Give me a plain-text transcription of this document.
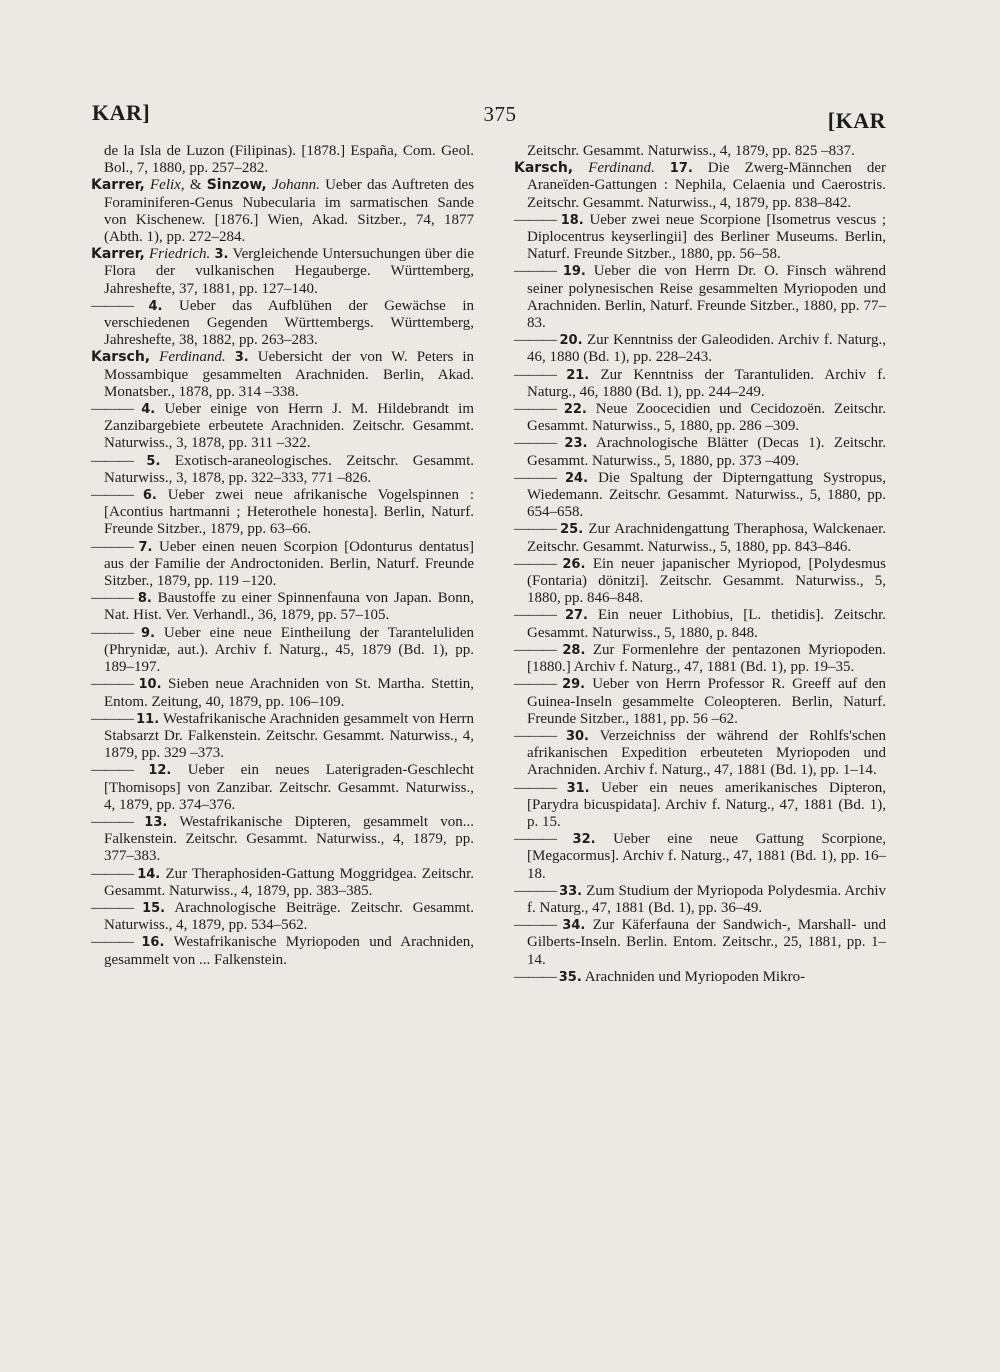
KAR]	375	[KAR

de la Isla de Luzon (Filipinas). [1878.] España, Com. Geol. Bol., 7, 1880, pp. 257–282.

Karrer, Felix, & Sinzow, Johann. Ueber das Auftreten des Foraminiferen-Genus Nubecularia im sarmatischen Sande von Kischenew. [1876.] Wien, Akad. Sitzber., 74, 1877 (Abth. 1), pp. 272–284.

Karrer, Friedrich. 3. Vergleichende Untersuchungen über die Flora der vulkanischen Hegauberge. Württemberg, Jahreshefte, 37, 1881, pp. 127–140.

——— 4. Ueber das Aufblühen der Gewächse in verschiedenen Gegenden Württembergs. Württemberg, Jahreshefte, 38, 1882, pp. 263–283.

Karsch, Ferdinand. 3. Uebersicht der von W. Peters in Mossambique gesammelten Arachniden. Berlin, Akad. Monatsber., 1878, pp. 314 –338.

——— 4. Ueber einige von Herrn J. M. Hildebrandt im Zanzibargebiete erbeutete Arachniden. Zeitschr. Gesammt. Naturwiss., 3, 1878, pp. 311 –322.

——— 5. Exotisch-araneologisches. Zeitschr. Gesammt. Naturwiss., 3, 1878, pp. 322–333, 771 –826.

——— 6. Ueber zwei neue afrikanische Vogelspinnen : [Acontius hartmanni ; Heterothele honesta]. Berlin, Naturf. Freunde Sitzber., 1879, pp. 63–66.

——— 7. Ueber einen neuen Scorpion [Odonturus dentatus] aus der Familie der Androctoniden. Berlin, Naturf. Freunde Sitzber., 1879, pp. 119 –120.

——— 8. Baustoffe zu einer Spinnenfauna von Japan. Bonn, Nat. Hist. Ver. Verhandl., 36, 1879, pp. 57–105.

——— 9. Ueber eine neue Eintheilung der Taranteluliden (Phrynidæ, aut.). Archiv f. Naturg., 45, 1879 (Bd. 1), pp. 189–197.

——— 10. Sieben neue Arachniden von St. Martha. Stettin, Entom. Zeitung, 40, 1879, pp. 106–109.

——— 11. Westafrikanische Arachniden gesammelt von Herrn Stabsarzt Dr. Falkenstein. Zeitschr. Gesammt. Naturwiss., 4, 1879, pp. 329 –373.

——— 12. Ueber ein neues Laterigraden-Geschlecht [Thomisops] von Zanzibar. Zeitschr. Gesammt. Naturwiss., 4, 1879, pp. 374–376.

——— 13. Westafrikanische Dipteren, gesammelt von... Falkenstein. Zeitschr. Gesammt. Naturwiss., 4, 1879, pp. 377–383.

——— 14. Zur Theraphosiden-Gattung Moggridgea. Zeitschr. Gesammt. Naturwiss., 4, 1879, pp. 383–385.

——— 15. Arachnologische Beiträge. Zeitschr. Gesammt. Naturwiss., 4, 1879, pp. 534–562.

——— 16. Westafrikanische Myriopoden und Arachniden, gesammelt von ... Falkenstein.

Zeitschr. Gesammt. Naturwiss., 4, 1879, pp. 825 –837.

Karsch, Ferdinand. 17. Die Zwerg-Männchen der Araneïden-Gattungen : Nephila, Celaenia und Caerostris. Zeitschr. Gesammt. Naturwiss., 4, 1879, pp. 838–842.

——— 18. Ueber zwei neue Scorpione [Isometrus vescus ; Diplocentrus keyserlingii] des Berliner Museums. Berlin, Naturf. Freunde Sitzber., 1880, pp. 56–58.

——— 19. Ueber die von Herrn Dr. O. Finsch während seiner polynesischen Reise gesammelten Myriopoden und Arachniden. Berlin, Naturf. Freunde Sitzber., 1880, pp. 77–83.

——— 20. Zur Kenntniss der Galeodiden. Archiv f. Naturg., 46, 1880 (Bd. 1), pp. 228–243.

——— 21. Zur Kenntniss der Tarantuliden. Archiv f. Naturg., 46, 1880 (Bd. 1), pp. 244–249.

——— 22. Neue Zoocecidien und Cecidozoën. Zeitschr. Gesammt. Naturwiss., 5, 1880, pp. 286 –309.

——— 23. Arachnologische Blätter (Decas 1). Zeitschr. Gesammt. Naturwiss., 5, 1880, pp. 373 –409.

——— 24. Die Spaltung der Dipterngattung Systropus, Wiedemann. Zeitschr. Gesammt. Naturwiss., 5, 1880, pp. 654–658.

——— 25. Zur Arachnidengattung Theraphosa, Walckenaer. Zeitschr. Gesammt. Naturwiss., 5, 1880, pp. 843–846.

——— 26. Ein neuer japanischer Myriopod, [Polydesmus (Fontaria) dönitzi]. Zeitschr. Gesammt. Naturwiss., 5, 1880, pp. 846–848.

——— 27. Ein neuer Lithobius, [L. thetidis]. Zeitschr. Gesammt. Naturwiss., 5, 1880, p. 848.

——— 28. Zur Formenlehre der pentazonen Myriopoden. [1880.] Archiv f. Naturg., 47, 1881 (Bd. 1), pp. 19–35.

——— 29. Ueber von Herrn Professor R. Greeff auf den Guinea-Inseln gesammelte Coleopteren. Berlin, Naturf. Freunde Sitzber., 1881, pp. 56 –62.

——— 30. Verzeichniss der während der Rohlfs'schen afrikanischen Expedition erbeuteten Myriopoden und Arachniden. Archiv f. Naturg., 47, 1881 (Bd. 1), pp. 1–14.

——— 31. Ueber ein neues amerikanisches Dipteron, [Parydra bicuspidata]. Archiv f. Naturg., 47, 1881 (Bd. 1), p. 15.

——— 32. Ueber eine neue Gattung Scorpione, [Megacormus]. Archiv f. Naturg., 47, 1881 (Bd. 1), pp. 16–18.

——— 33. Zum Studium der Myriopoda Polydesmia. Archiv f. Naturg., 47, 1881 (Bd. 1), pp. 36–49.

——— 34. Zur Käferfauna der Sandwich-, Marshall- und Gilberts-Inseln. Berlin. Entom. Zeitschr., 25, 1881, pp. 1–14.

——— 35. Arachniden und Myriopoden Mikro-
